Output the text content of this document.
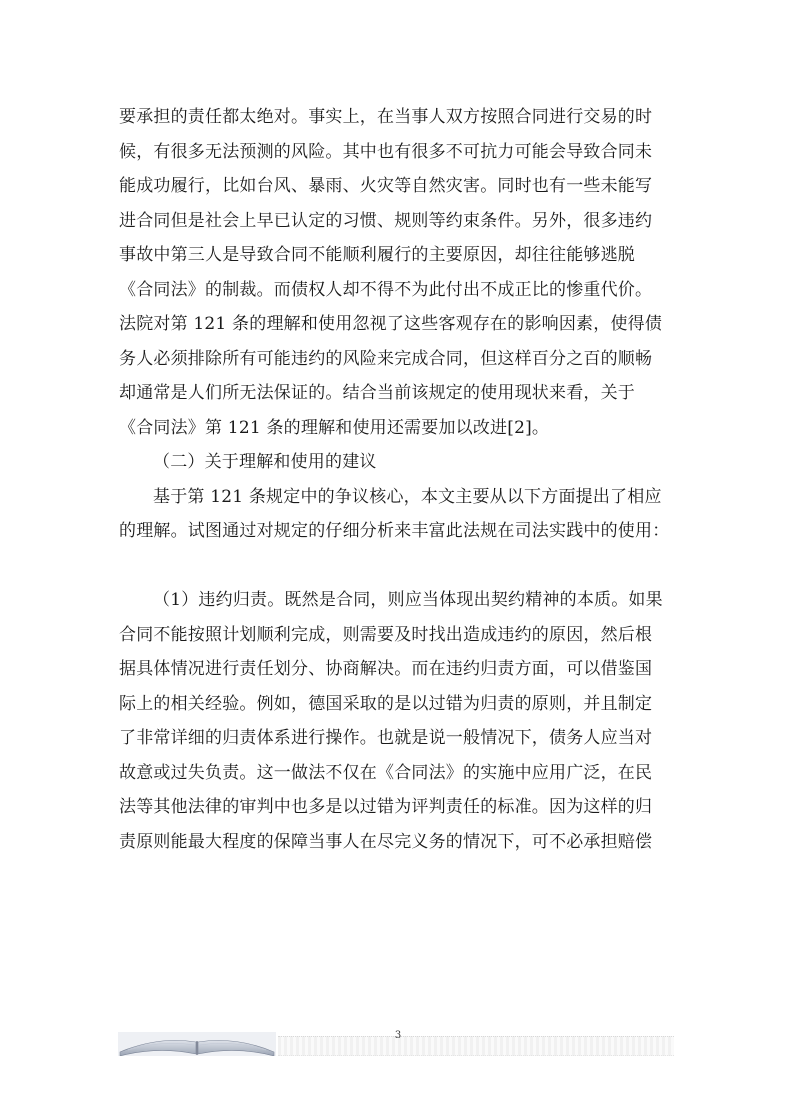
要承担的责任都太绝对。事实上，在当事人双方按照合同进行交易的时
候，有很多无法预测的风险。其中也有很多不可抗力可能会导致合同未
能成功履行，比如台风、暴雨、火灾等自然灾害。同时也有一些未能写
进合同但是社会上早已认定的习惯、规则等约束条件。另外，很多违约
事故中第三人是导致合同不能顺利履行的主要原因，却往往能够逃脱
《合同法》的制裁。而债权人却不得不为此付出不成正比的惨重代价。
法院对第 121 条的理解和使用忽视了这些客观存在的影响因素，使得债
务人必须排除所有可能违约的风险来完成合同，但这样百分之百的顺畅
却通常是人们所无法保证的。结合当前该规定的使用现状来看，关于
《合同法》第 121 条的理解和使用还需要加以改进[2]。
（二）关于理解和使用的建议
基于第 121 条规定中的争议核心，本文主要从以下方面提出了相应
的理解。试图通过对规定的仔细分析来丰富此法规在司法实践中的使用：
（1）违约归责。既然是合同，则应当体现出契约精神的本质。如果
合同不能按照计划顺利完成，则需要及时找出造成违约的原因，然后根
据具体情况进行责任划分、协商解决。而在违约归责方面，可以借鉴国
际上的相关经验。例如，德国采取的是以过错为归责的原则，并且制定
了非常详细的归责体系进行操作。也就是说一般情况下，债务人应当对
故意或过失负责。这一做法不仅在《合同法》的实施中应用广泛，在民
法等其他法律的审判中也多是以过错为评判责任的标准。因为这样的归
责原则能最大程度的保障当事人在尽完义务的情况下，可不必承担赔偿
3
